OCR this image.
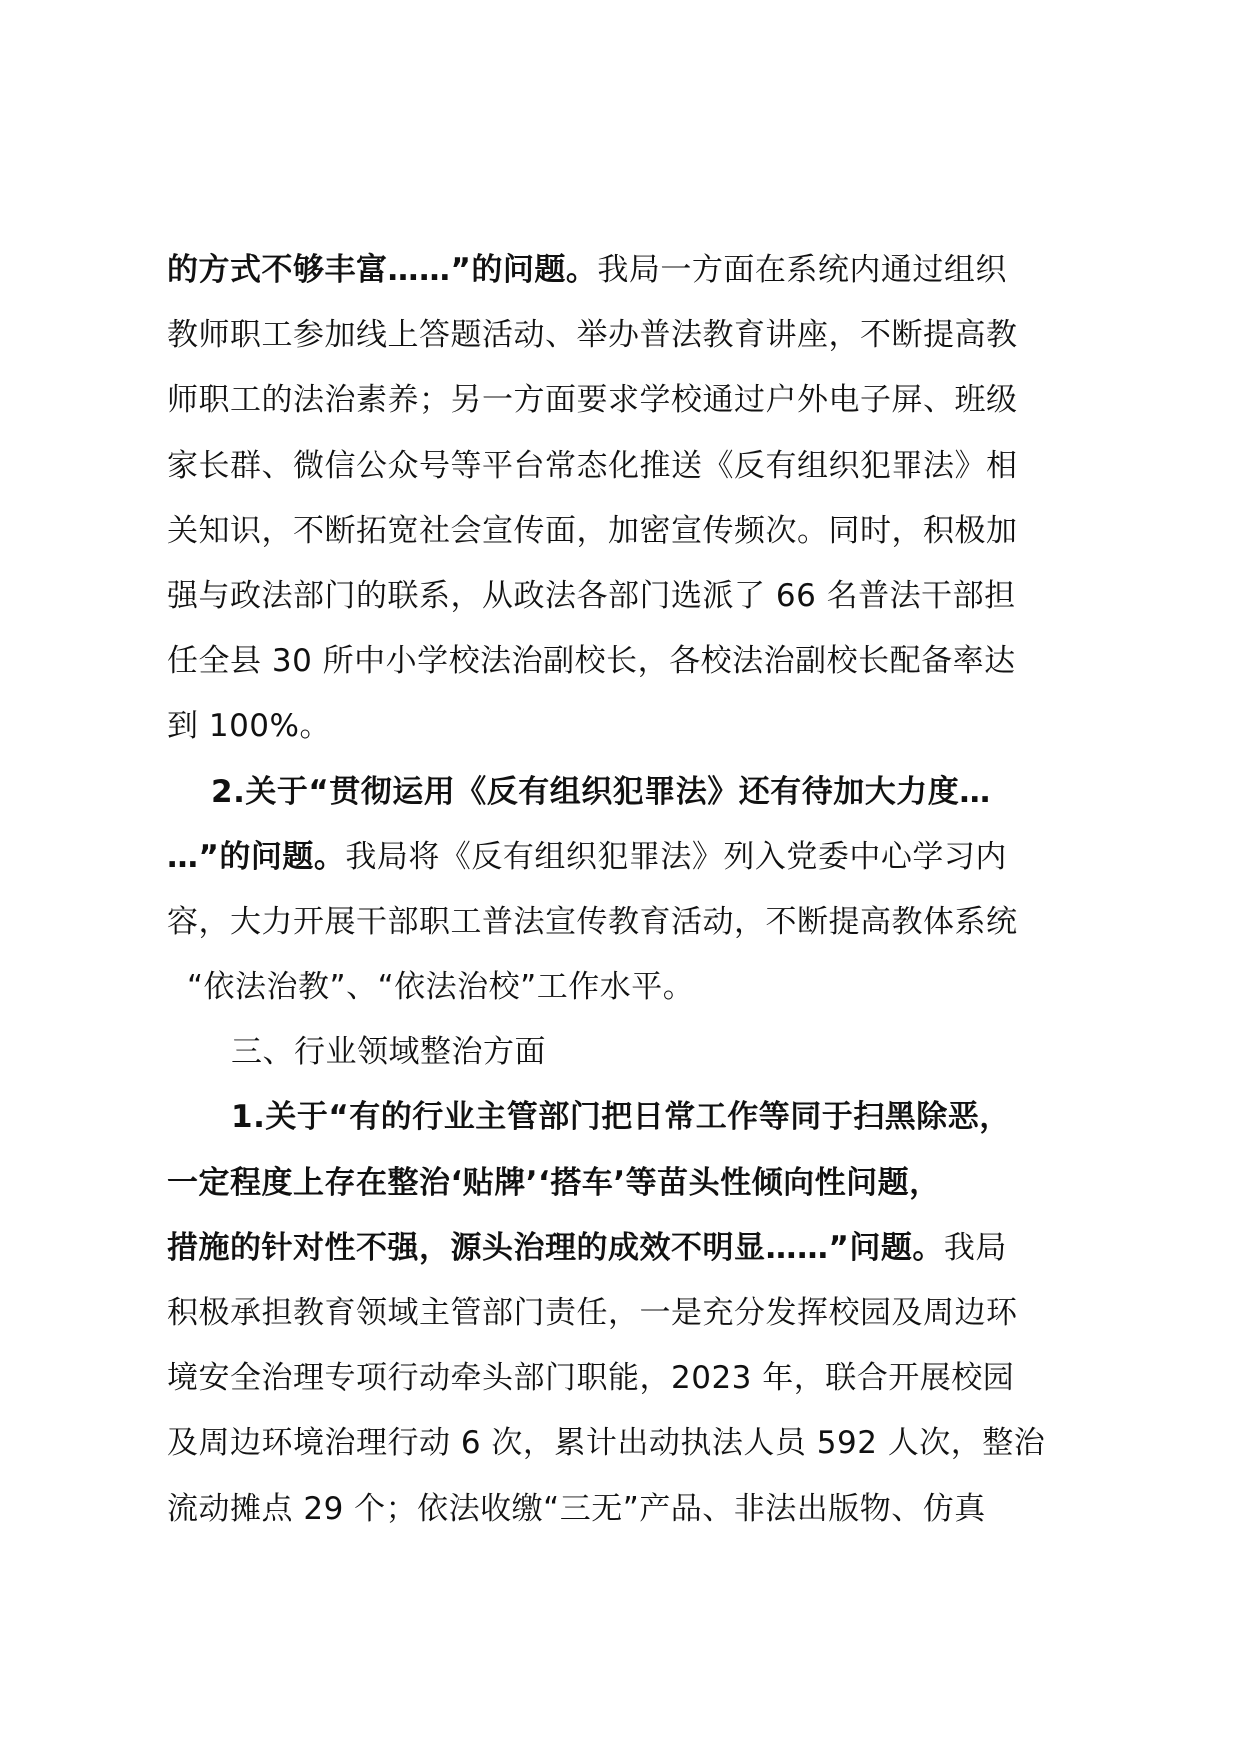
的方式不够丰富……”的问题。我局一方面在系统内通过组织
教师职工参加线上答题活动、举办普法教育讲座，不断提高教
师职工的法治素养；另一方面要求学校通过户外电子屏、班级
家长群、微信公众号等平台常态化推送《反有组织犯罪法》相
关知识，不断拓宽社会宣传面，加密宣传频次。同时，积极加
强与政法部门的联系，从政法各部门选派了 66 名普法干部担
任全县 30 所中小学校法治副校长，各校法治副校长配备率达
到 100%。
2.关于“贯彻运用《反有组织犯罪法》还有待加大力度…
…”的问题。我局将《反有组织犯罪法》列入党委中心学习内
容，大力开展干部职工普法宣传教育活动，不断提高教体系统
“依法治教”、“依法治校”工作水平。
三、行业领域整治方面
1.关于“有的行业主管部门把日常工作等同于扫黑除恶，
一定程度上存在整治‘贴牌’‘搭车’等苗头性倾向性问题，
措施的针对性不强，源头治理的成效不明显……”问题。我局
积极承担教育领域主管部门责任，一是充分发挥校园及周边环
境安全治理专项行动牵头部门职能，2023 年，联合开展校园
及周边环境治理行动 6 次，累计出动执法人员 592 人次，整治
流动摊点 29 个；依法收缴“三无”产品、非法出版物、仿真
